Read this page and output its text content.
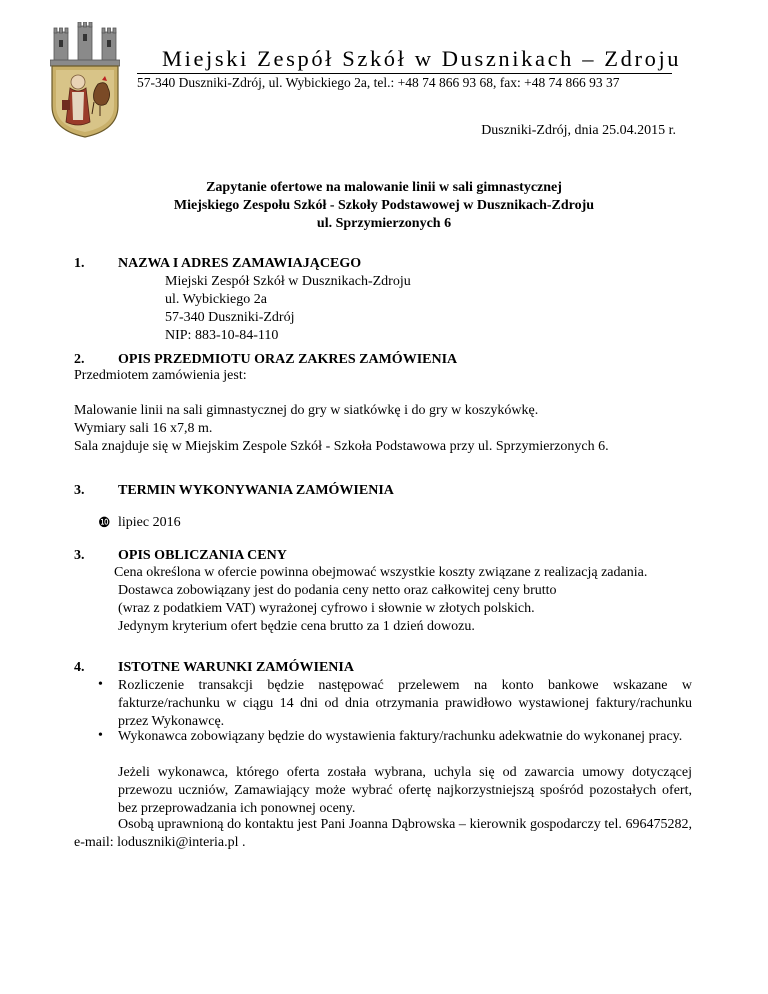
Miejski Zespół Szkół w Dusznikach – Zdroju
57-340 Duszniki-Zdrój, ul. Wybickiego 2a, tel.: +48 74 866 93 68, fax: +48 74 866 93 37
Duszniki-Zdrój, dnia 25.04.2015 r.
Zapytanie ofertowe na malowanie linii w sali gimnastycznej
Miejskiego Zespołu Szkół - Szkoły Podstawowej w Dusznikach-Zdroju
ul. Sprzymierzonych 6
1. NAZWA I ADRES ZAMAWIAJĄCEGO
Miejski Zespół Szkół w Dusznikach-Zdroju
ul. Wybickiego 2a
57-340 Duszniki-Zdrój
NIP: 883-10-84-110
2. OPIS PRZEDMIOTU ORAZ ZAKRES ZAMÓWIENIA
Przedmiotem zamówienia jest:
Malowanie linii na sali gimnastycznej do gry w siatkówkę i do gry w koszykówkę.
Wymiary sali 16 x7,8 m.
Sala znajduje się w Miejskim Zespole Szkół - Szkoła Podstawowa przy ul. Sprzymierzonych 6.
3. TERMIN WYKONYWANIA ZAMÓWIENIA
❿ lipiec 2016
3. OPIS OBLICZANIA CENY
Cena określona w ofercie powinna obejmować wszystkie koszty związane z realizacją zadania.
Dostawca zobowiązany jest do podania ceny netto oraz całkowitej ceny brutto
(wraz z podatkiem VAT) wyrażonej cyfrowo i słownie w złotych polskich.
Jedynym kryterium ofert będzie cena brutto za 1 dzień dowozu.
4. ISTOTNE WARUNKI ZAMÓWIENIA
• Rozliczenie transakcji będzie następować przelewem na konto bankowe wskazane w fakturze/rachunku w ciągu 14 dni od dnia otrzymania prawidłowo wystawionej faktury/rachunku przez Wykonawcę.
• Wykonawca zobowiązany będzie do wystawienia faktury/rachunku adekwatnie do wykonanej pracy.
Jeżeli wykonawca, którego oferta została wybrana, uchyla się od zawarcia umowy dotyczącej przewozu uczniów, Zamawiający może wybrać ofertę najkorzystniejszą spośród pozostałych ofert, bez przeprowadzania ich ponownej oceny.
Osobą uprawnioną do kontaktu jest Pani Joanna Dąbrowska – kierownik gospodarczy tel. 696475282, e-mail: loduszniki@interia.pl .
